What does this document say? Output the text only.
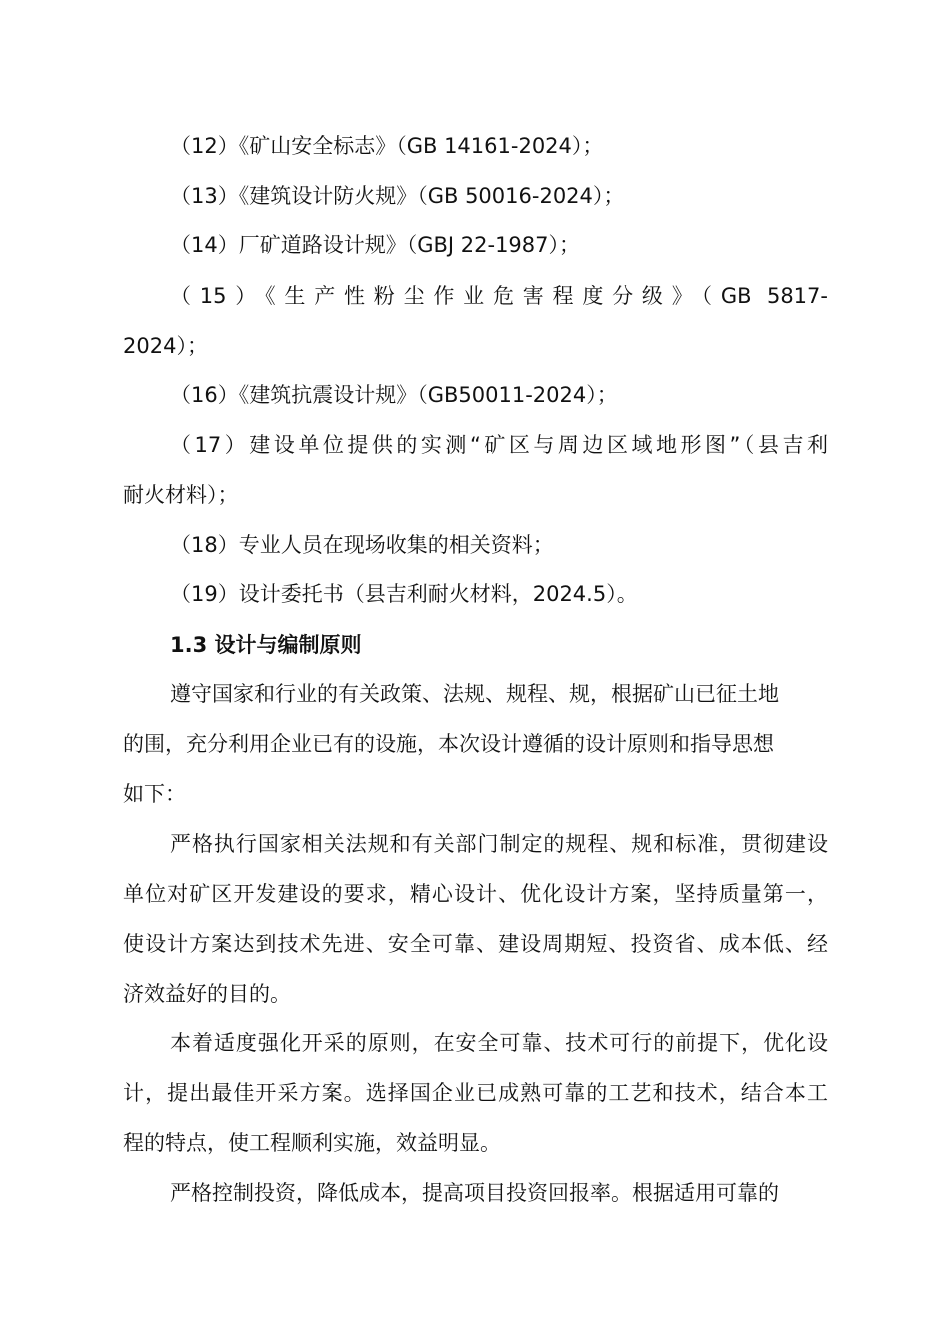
（12）《矿山安全标志》（GB 14161-2024）；
（13）《建筑设计防火规》（GB 50016-2024）；
（14）厂矿道路设计规》（GBJ 22-1987）；
（15）《生产性粉尘作业危害程度分级》（GB 5817-
2024）；
（16）《建筑抗震设计规》（GB50011-2024）；
（17）建设单位提供的实测“矿区与周边区域地形图”（县吉利
耐火材料）；
（18）专业人员在现场收集的相关资料；
（19）设计委托书（县吉利耐火材料，2024.5）。
1.3 设计与编制原则
遵守国家和行业的有关政策、法规、规程、规，根据矿山已征土地
的围，充分利用企业已有的设施，本次设计遵循的设计原则和指导思想
如下：
严格执行国家相关法规和有关部门制定的规程、规和标准，贯彻建设
单位对矿区开发建设的要求，精心设计、优化设计方案，坚持质量第一，
使设计方案达到技术先进、安全可靠、建设周期短、投资省、成本低、经
济效益好的目的。
本着适度强化开采的原则，在安全可靠、技术可行的前提下，优化设
计，提出最佳开采方案。选择国企业已成熟可靠的工艺和技术，结合本工
程的特点，使工程顺利实施，效益明显。
严格控制投资，降低成本，提高项目投资回报率。根据适用可靠的
